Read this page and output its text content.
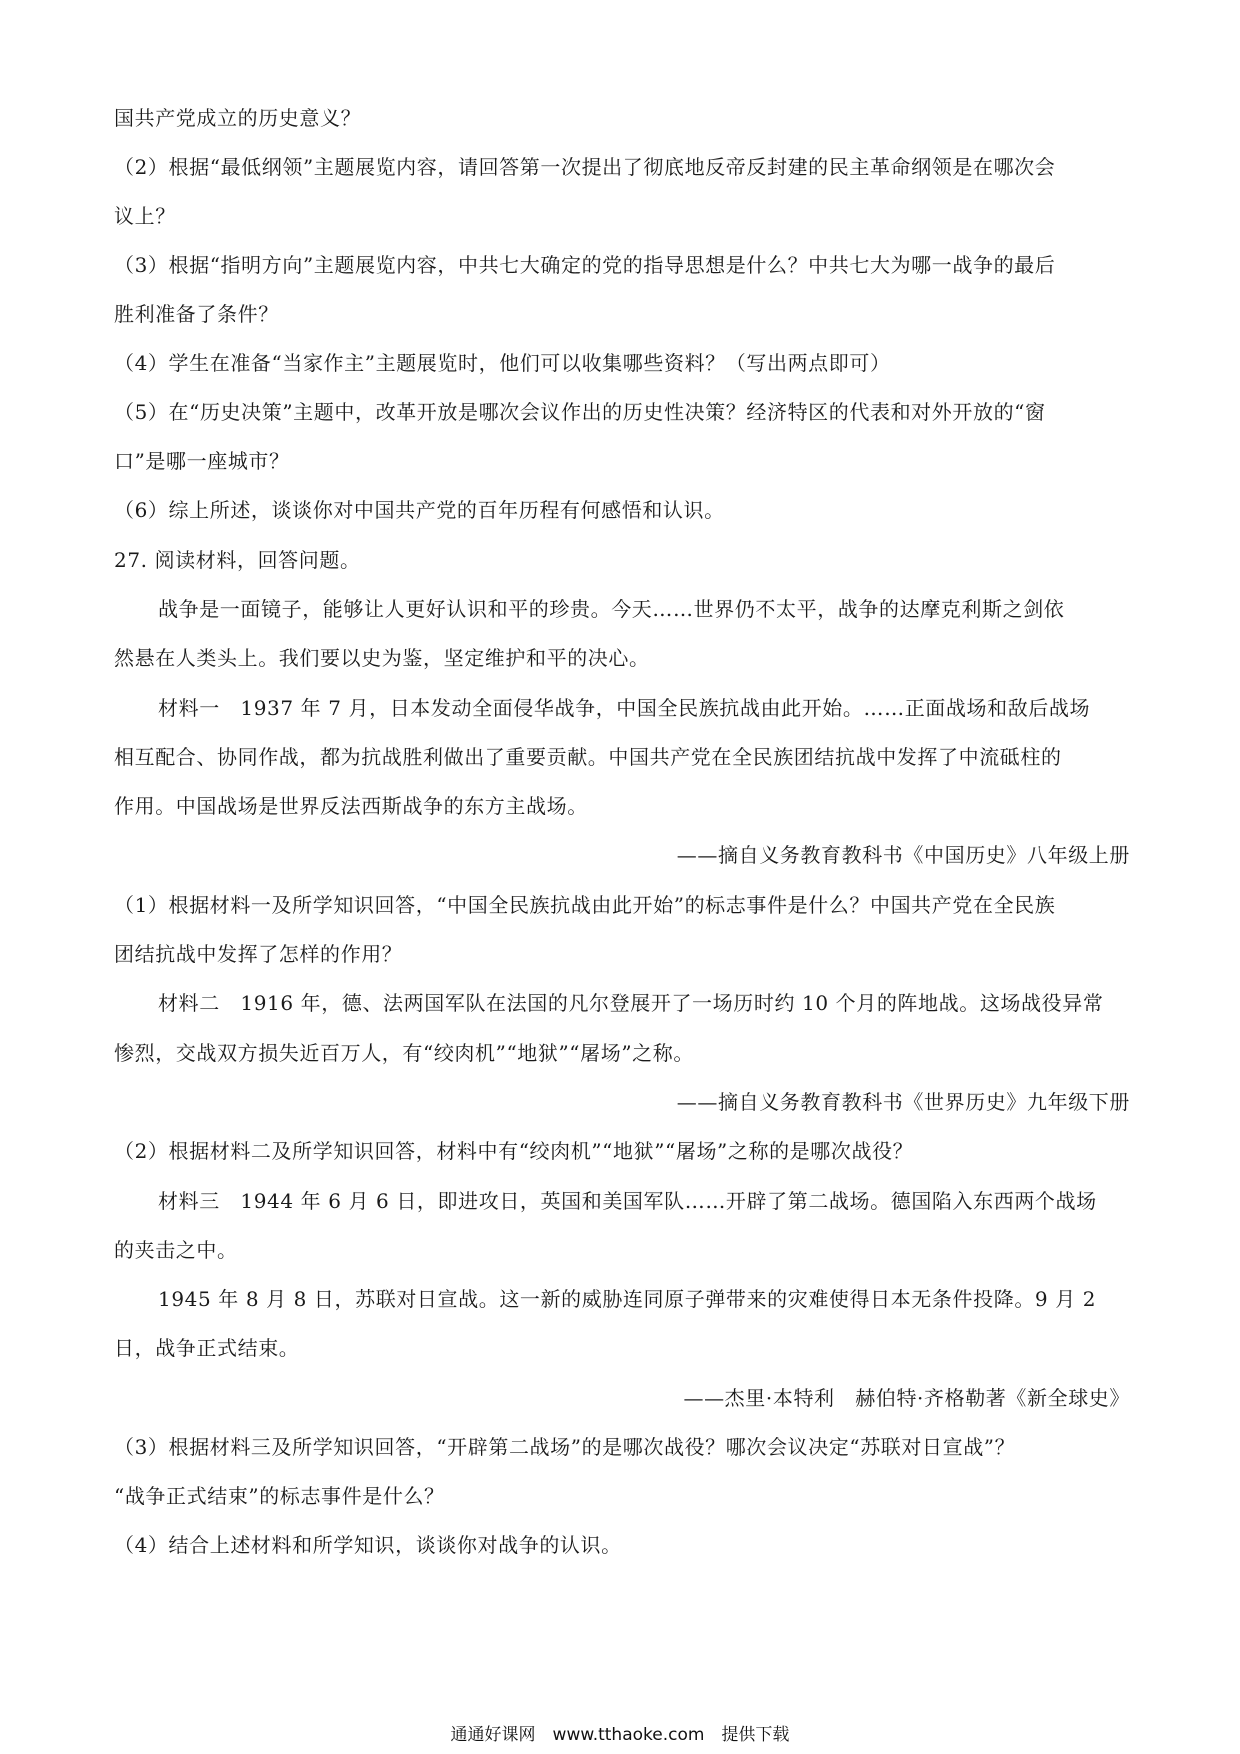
国共产党成立的历史意义？
（2）根据“最低纲领”主题展览内容，请回答第一次提出了彻底地反帝反封建的民主革命纲领是在哪次会
议上？
（3）根据“指明方向”主题展览内容，中共七大确定的党的指导思想是什么？中共七大为哪一战争的最后
胜利准备了条件？
（4）学生在准备“当家作主”主题展览时，他们可以收集哪些资料？（写出两点即可）
（5）在“历史决策”主题中，改革开放是哪次会议作出的历史性决策？经济特区的代表和对外开放的“窗
口”是哪一座城市？
（6）综上所述，谈谈你对中国共产党的百年历程有何感悟和认识。
27. 阅读材料，回答问题。
战争是一面镜子，能够让人更好认识和平的珍贵。今天……世界仍不太平，战争的达摩克利斯之剑依
然悬在人类头上。我们要以史为鉴，坚定维护和平的决心。
材料一　1937 年 7 月，日本发动全面侵华战争，中国全民族抗战由此开始。……正面战场和敌后战场
相互配合、协同作战，都为抗战胜利做出了重要贡献。中国共产党在全民族团结抗战中发挥了中流砥柱的
作用。中国战场是世界反法西斯战争的东方主战场。
——摘自义务教育教科书《中国历史》八年级上册
（1）根据材料一及所学知识回答，“中国全民族抗战由此开始”的标志事件是什么？中国共产党在全民族
团结抗战中发挥了怎样的作用？
材料二　1916 年，德、法两国军队在法国的凡尔登展开了一场历时约 10 个月的阵地战。这场战役异常
惨烈，交战双方损失近百万人，有“绞肉机”“地狱”“屠场”之称。
——摘自义务教育教科书《世界历史》九年级下册
（2）根据材料二及所学知识回答，材料中有“绞肉机”“地狱”“屠场”之称的是哪次战役？
材料三　1944 年 6 月 6 日，即进攻日，英国和美国军队……开辟了第二战场。德国陷入东西两个战场
的夹击之中。
1945 年 8 月 8 日，苏联对日宣战。这一新的威胁连同原子弹带来的灾难使得日本无条件投降。9 月 2
日，战争正式结束。
——杰里·本特利　赫伯特·齐格勒著《新全球史》
（3）根据材料三及所学知识回答，“开辟第二战场”的是哪次战役？哪次会议决定“苏联对日宣战”？
“战争正式结束”的标志事件是什么？
（4）结合上述材料和所学知识，谈谈你对战争的认识。
通通好课网　www.tthaoke.com　提供下载
